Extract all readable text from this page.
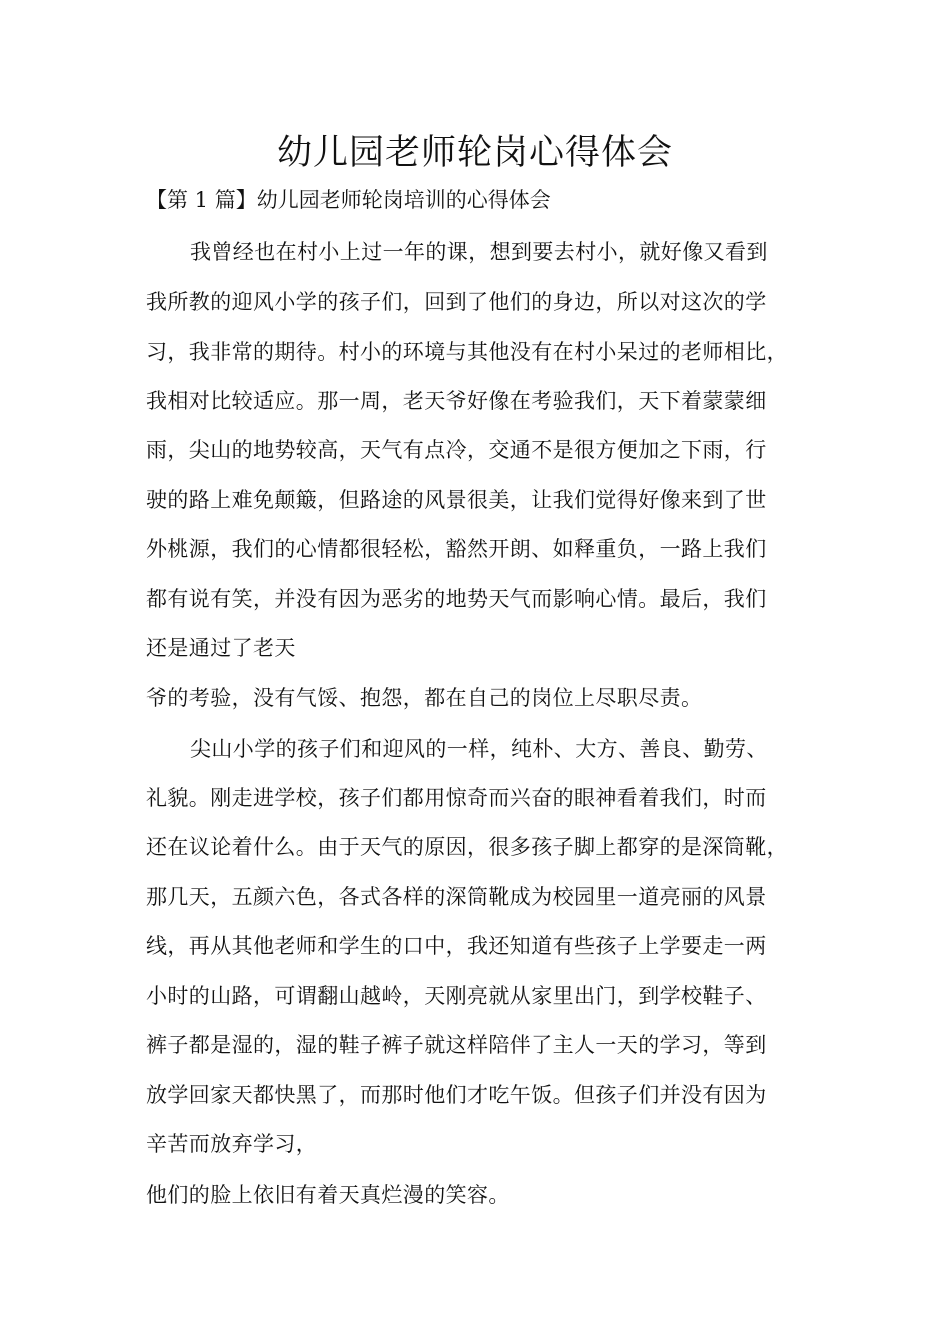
幼儿园老师轮岗心得体会
【第 1 篇】幼儿园老师轮岗培训的心得体会
我曾经也在村小上过一年的课，想到要去村小，就好像又看到
我所教的迎风小学的孩子们，回到了他们的身边，所以对这次的学
习，我非常的期待。村小的环境与其他没有在村小呆过的老师相比，
我相对比较适应。那一周，老天爷好像在考验我们，天下着蒙蒙细
雨，尖山的地势较高，天气有点冷，交通不是很方便加之下雨，行
驶的路上难免颠簸，但路途的风景很美，让我们觉得好像来到了世
外桃源，我们的心情都很轻松，豁然开朗、如释重负，一路上我们
都有说有笑，并没有因为恶劣的地势天气而影响心情。最后，我们
还是通过了老天
爷的考验，没有气馁、抱怨，都在自己的岗位上尽职尽责。
尖山小学的孩子们和迎风的一样，纯朴、大方、善良、勤劳、
礼貌。刚走进学校，孩子们都用惊奇而兴奋的眼神看着我们，时而
还在议论着什么。由于天气的原因，很多孩子脚上都穿的是深筒靴，
那几天，五颜六色，各式各样的深筒靴成为校园里一道亮丽的风景
线，再从其他老师和学生的口中，我还知道有些孩子上学要走一两
小时的山路，可谓翻山越岭，天刚亮就从家里出门，到学校鞋子、
裤子都是湿的，湿的鞋子裤子就这样陪伴了主人一天的学习，等到
放学回家天都快黑了，而那时他们才吃午饭。但孩子们并没有因为
辛苦而放弃学习，
他们的脸上依旧有着天真烂漫的笑容。
